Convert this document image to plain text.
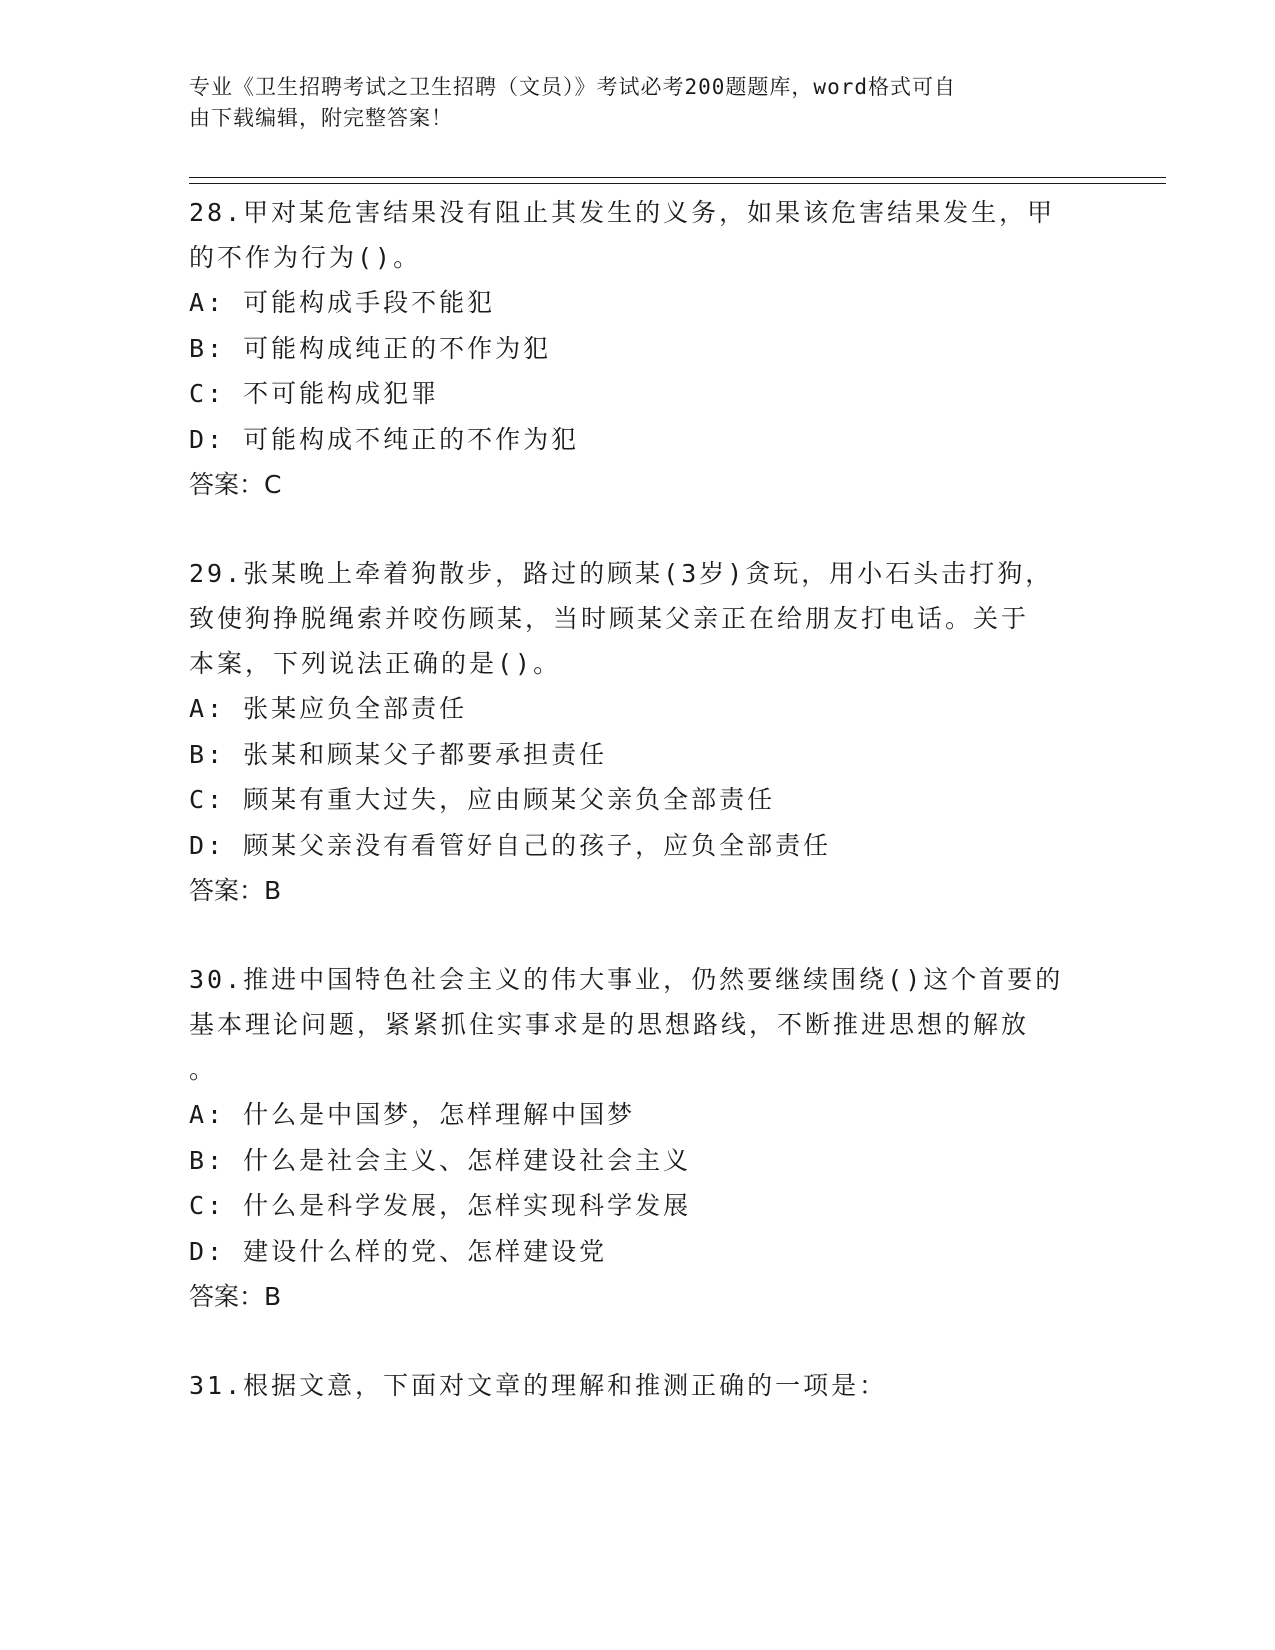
专业《卫生招聘考试之卫生招聘（文员）》考试必考200题题库，word格式可自
由下载编辑，附完整答案！
28.甲对某危害结果没有阻止其发生的义务，如果该危害结果发生，甲
的不作为行为()。
A: 可能构成手段不能犯
B: 可能构成纯正的不作为犯
C: 不可能构成犯罪
D: 可能构成不纯正的不作为犯
答案：C
29.张某晚上牵着狗散步，路过的顾某(3岁)贪玩，用小石头击打狗，
致使狗挣脱绳索并咬伤顾某，当时顾某父亲正在给朋友打电话。关于
本案，下列说法正确的是()。
A: 张某应负全部责任
B: 张某和顾某父子都要承担责任
C: 顾某有重大过失，应由顾某父亲负全部责任
D: 顾某父亲没有看管好自己的孩子，应负全部责任
答案：B
30.推进中国特色社会主义的伟大事业，仍然要继续围绕()这个首要的
基本理论问题，紧紧抓住实事求是的思想路线，不断推进思想的解放
。
A: 什么是中国梦，怎样理解中国梦
B: 什么是社会主义、怎样建设社会主义
C: 什么是科学发展，怎样实现科学发展
D: 建设什么样的党、怎样建设党
答案：B
31.根据文意，下面对文章的理解和推测正确的一项是：
